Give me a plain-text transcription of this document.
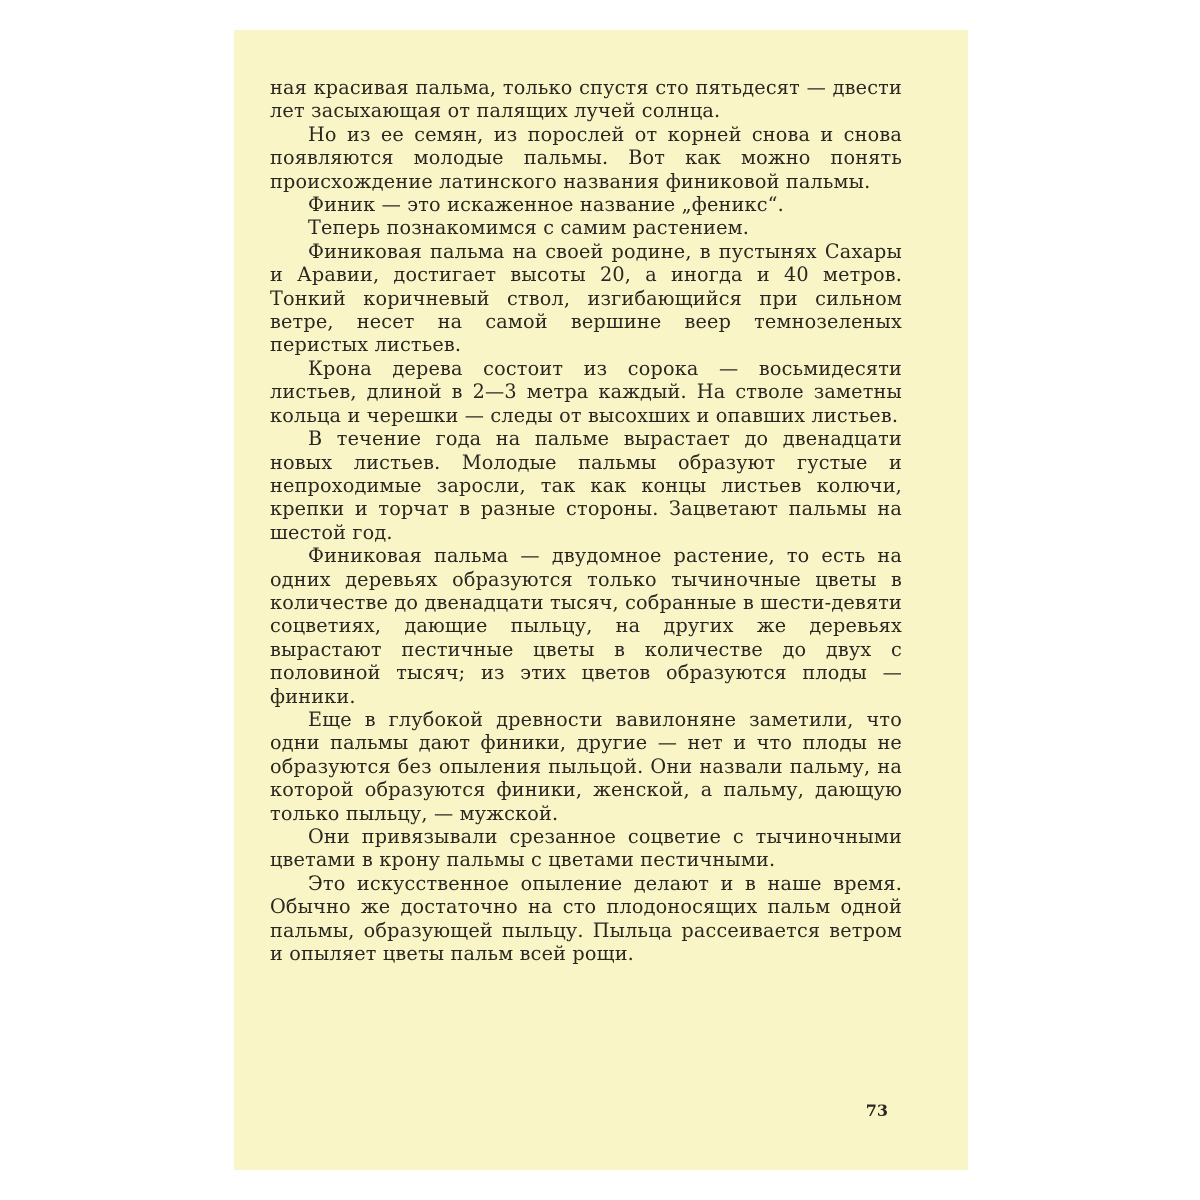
ная красивая пальма, только спустя сто пятьдесят — двести лет засыхающая от палящих лучей солнца.

Но из ее семян, из порослей от корней снова и снова появляются молодые пальмы. Вот как можно понять происхождение латинского названия финиковой пальмы.

Финик — это искаженное название „феникс“.

Теперь познакомимся с самим растением.

Финиковая пальма на своей родине, в пустынях Сахары и Аравии, достигает высоты 20, а иногда и 40 метров. Тонкий коричневый ствол, изгибающийся при сильном ветре, несет на самой вершине веер темнозеленых перистых листьев.

Крона дерева состоит из сорока — восьмидесяти листьев, длиной в 2—3 метра каждый. На стволе заметны кольца и черешки — следы от высохших и опавших листьев.

В течение года на пальме вырастает до двенадцати новых листьев. Молодые пальмы образуют густые и непроходимые заросли, так как концы листьев колючи, крепки и торчат в разные стороны. Зацветают пальмы на шестой год.

Финиковая пальма — двудомное растение, то есть на одних деревьях образуются только тычиночные цветы в количестве до двенадцати тысяч, собранные в шести-девяти соцветиях, дающие пыльцу, на других же деревьях вырастают пестичные цветы в количестве до двух с половиной тысяч; из этих цветов образуются плоды — финики.

Еще в глубокой древности вавилоняне заметили, что одни пальмы дают финики, другие — нет и что плоды не образуются без опыления пыльцой. Они назвали пальму, на которой образуются финики, женской, а пальму, дающую только пыльцу, — мужской.

Они привязывали срезанное соцветие с тычиночными цветами в крону пальмы с цветами пестичными.

Это искусственное опыление делают и в наше время. Обычно же достаточно на сто плодоносящих пальм одной пальмы, образующей пыльцу. Пыльца рассеивается ветром и опыляет цветы пальм всей рощи.

73
